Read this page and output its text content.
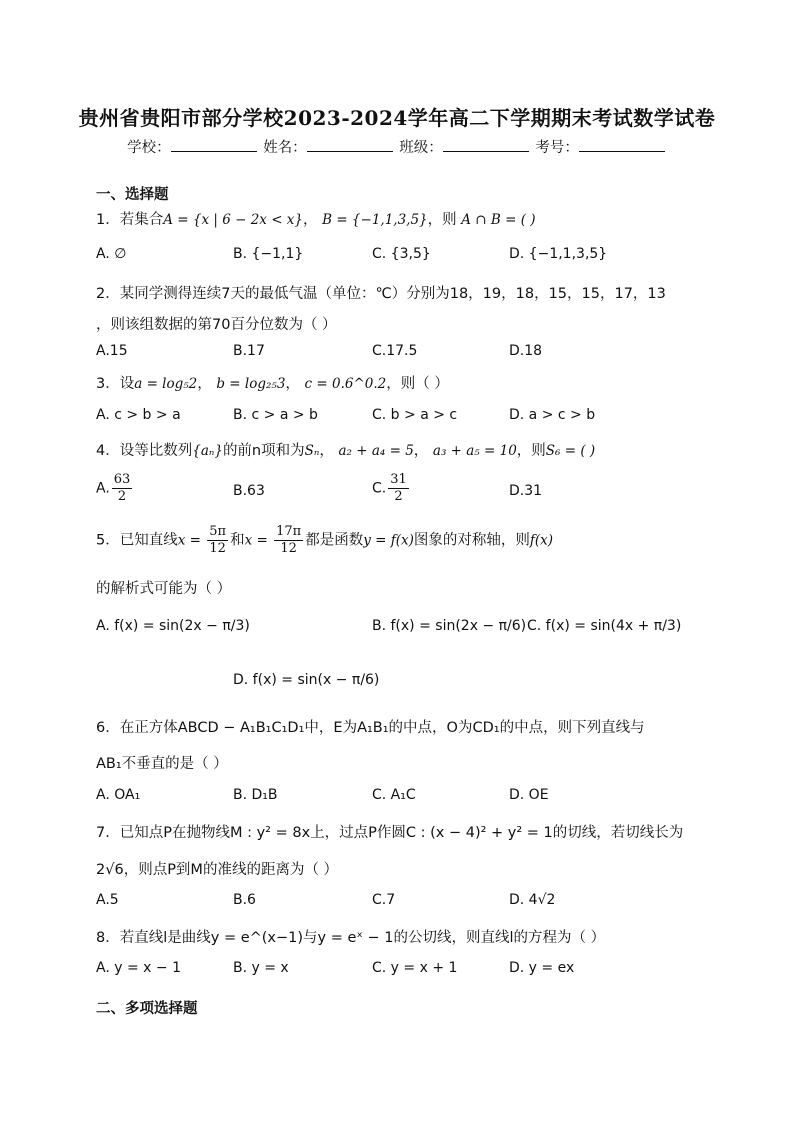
贵州省贵阳市部分学校2023-2024学年高二下学期期末考试数学试卷
学校：	姓名：	班级：	考号：
一、选择题
1．若集合A = {x | 6 − 2x < x}， B = {−1,1,3,5}，则 A ∩ B = ( )
A. ∅	B. {−1,1}	C. {3,5}	D. {−1,1,3,5}
2．某同学测得连续7天的最低气温（单位：℃）分别为18，19，18，15，15，17，13
，则该组数据的第70百分位数为（ ）
A.15	B.17	C.17.5	D.18
3．设a = log₅2， b = log₂₅3， c = 0.6^0.2，则（ ）
A. c > b > a	B. c > a > b	C. b > a > c	D. a > c > b
4．设等比数列{aₙ}的前n项和为Sₙ， a₂ + a₄ = 5， a₃ + a₅ = 10，则S₆ = ( )
A. $\frac{63}{2}$	B.63	C. $\frac{31}{2}$	D.31
5．已知直线$x = \frac{5\pi}{12}$ 和$x = \frac{17\pi}{12}$ 都是函数y = f(x)图象的对称轴，则f(x)
的解析式可能为（ ）
A. f(x) = sin(2x − π/3)	B. f(x) = sin(2x − π/6) C. f(x) = sin(4x + π/3)
D. f(x) = sin(x − π/6)
6．在正方体ABCD − A₁B₁C₁D₁中，E为A₁B₁的中点，O为CD₁的中点，则下列直线与
AB₁不垂直的是（ ）
A. OA₁	B. D₁B	C. A₁C	D. OE
7．已知点P在抛物线M : y² = 8x上，过点P作圆C : (x − 4)² + y² = 1的切线，若切线长为
2√6，则点P到M的准线的距离为（ ）
A.5	B.6	C.7	D. 4√2
8．若直线l是曲线y = e^(x−1)与y = eˣ − 1的公切线，则直线l的方程为（ ）
A. y = x − 1	B. y = x	C. y = x + 1	D. y = ex
二、多项选择题
